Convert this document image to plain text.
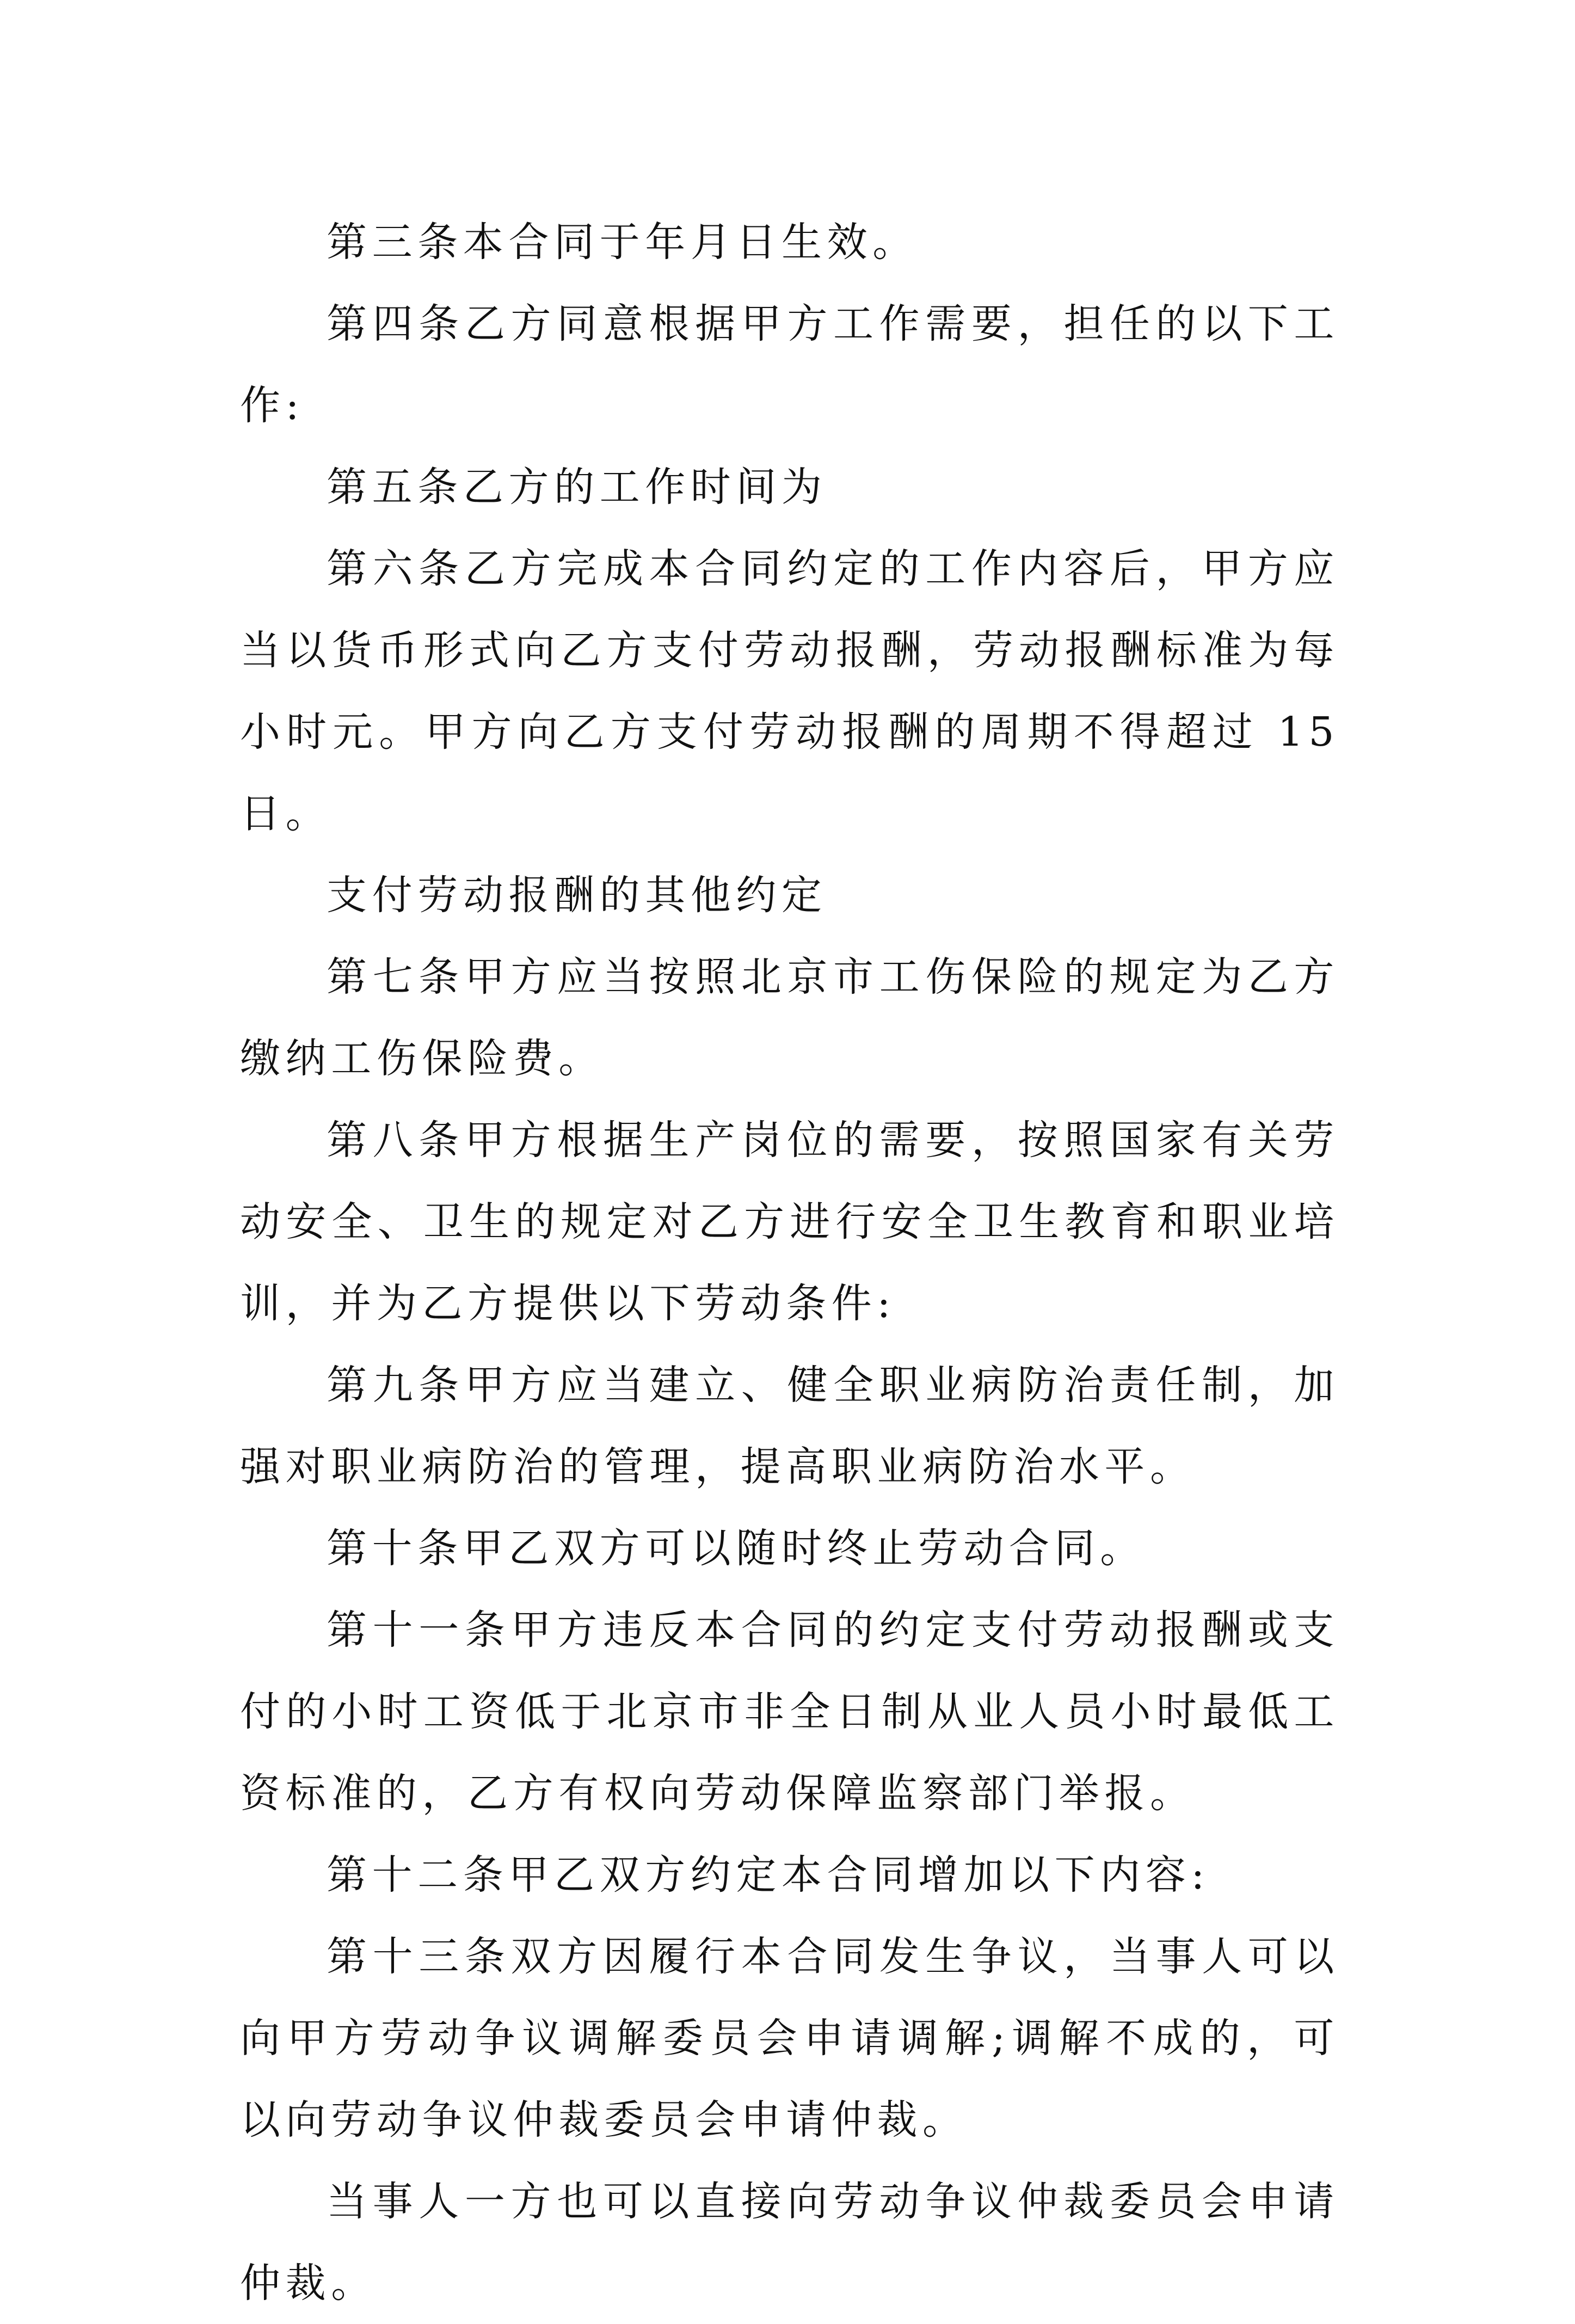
第三条本合同于年月日生效。

第四条乙方同意根据甲方工作需要，担任的以下工作:

第五条乙方的工作时间为

第六条乙方完成本合同约定的工作内容后，甲方应当以货币形式向乙方支付劳动报酬，劳动报酬标准为每小时元。甲方向乙方支付劳动报酬的周期不得超过 15 日。

支付劳动报酬的其他约定

第七条甲方应当按照北京市工伤保险的规定为乙方缴纳工伤保险费。

第八条甲方根据生产岗位的需要，按照国家有关劳动安全、卫生的规定对乙方进行安全卫生教育和职业培训，并为乙方提供以下劳动条件:

第九条甲方应当建立、健全职业病防治责任制，加强对职业病防治的管理，提高职业病防治水平。

第十条甲乙双方可以随时终止劳动合同。

第十一条甲方违反本合同的约定支付劳动报酬或支付的小时工资低于北京市非全日制从业人员小时最低工资标准的，乙方有权向劳动保障监察部门举报。

第十二条甲乙双方约定本合同增加以下内容:

第十三条双方因履行本合同发生争议，当事人可以向甲方劳动争议调解委员会申请调解;调解不成的，可以向劳动争议仲裁委员会申请仲裁。

当事人一方也可以直接向劳动争议仲裁委员会申请仲裁。
